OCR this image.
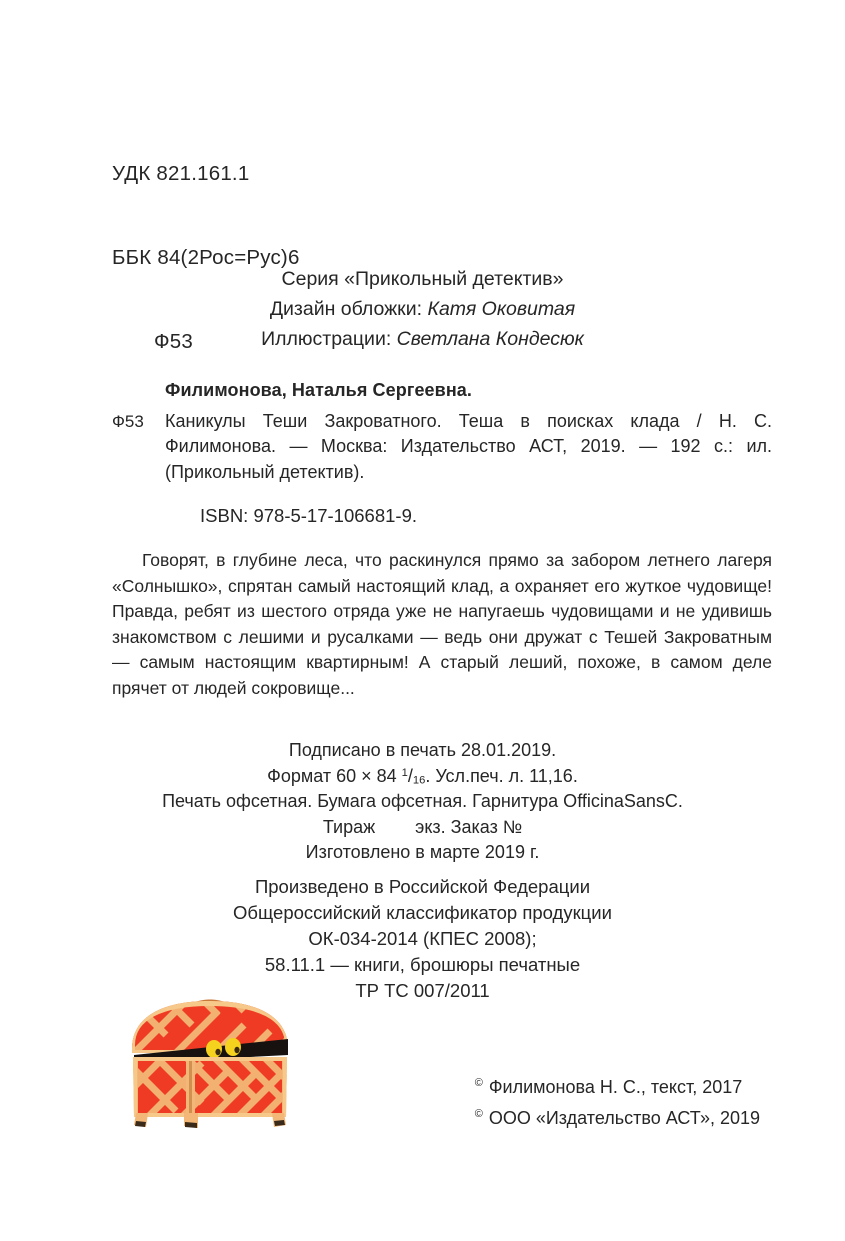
УДК 821.161.1

ББК 84(2Рос=Рус)6

Ф53

Серия «Прикольный детектив»
Дизайн обложки: Катя Оковитая
Иллюстрации: Светлана Кондесюк
Филимонова, Наталья Сергеевна.
Ф53 Каникулы Теши Закроватного. Теша в поисках клада / Н. С. Филимонова. — Москва: Издательство АСТ, 2019. — 192 с.: ил. (Прикольный детектив).
ISBN: 978-5-17-106681-9.
Говорят, в глубине леса, что раскинулся прямо за забором летнего лагеря «Солнышко», спрятан самый настоящий клад, а охраняет его жуткое чудовище! Правда, ребят из шестого отряда уже не напугаешь чудовищами и не удивишь знакомством с лешими и русалками — ведь они дружат с Тешей Закроватным — самым настоящим квартирным! А старый леший, похоже, в самом деле прячет от людей сокровище...
Подписано в печать 28.01.2019.
Формат 60 × 84 $^1/_{16}$. Усл.печ. л. 11,16.
Печать офсетная. Бумага офсетная. Гарнитура OfficinaSansC.
Тираж        экз. Заказ №
Изготовлено в марте 2019 г.
Произведено в Российской Федерации
Общероссийский классификатор продукции
ОК-034-2014 (КПЕС 2008);
58.11.1 — книги, брошюры печатные
ТР ТС 007/2011
© Филимонова Н. С., текст, 2017
© ООО «Издательство АСТ», 2019
